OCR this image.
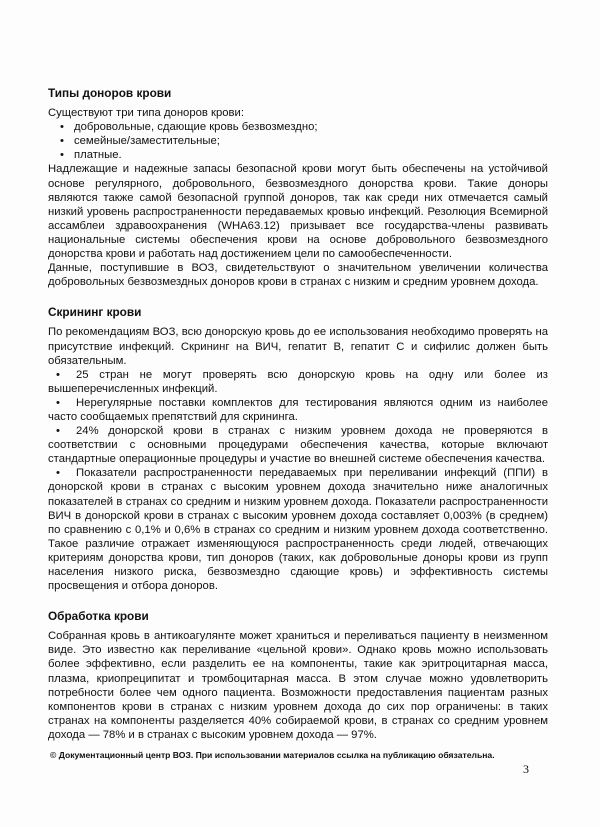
Типы доноров крови

Существуют три типа доноров крови:

• добровольные, сдающие кровь безвозмездно;
• семейные/заместительные;
• платные.

Надлежащие и надежные запасы безопасной крови могут быть обеспечены на устойчивой основе регулярного, добровольного, безвозмездного донорства крови. Такие доноры являются также самой безопасной группой доноров, так как среди них отмечается самый низкий уровень распространенности передаваемых кровью инфекций. Резолюция Всемирной ассамблеи здравоохранения (WHA63.12) призывает все государства-члены развивать национальные системы обеспечения крови на основе добровольного безвозмездного донорства крови и работать над достижением цели по самообеспеченности.

Данные, поступившие в ВОЗ, свидетельствуют о значительном увеличении количества добровольных безвозмездных доноров крови в странах с низким и средним уровнем дохода.

Скрининг крови

По рекомендациям ВОЗ, всю донорскую кровь до ее использования необходимо проверять на присутствие инфекций. Скрининг на ВИЧ, гепатит В, гепатит С и сифилис должен быть обязательным.

• 25 стран не могут проверять всю донорскую кровь на одну или более из вышеперечисленных инфекций.

• Нерегулярные поставки комплектов для тестирования являются одним из наиболее часто сообщаемых препятствий для скрининга.

• 24% донорской крови в странах с низким уровнем дохода не проверяются в соответствии с основными процедурами обеспечения качества, которые включают стандартные операционные процедуры и участие во внешней системе обеспечения качества.

• Показатели распространенности передаваемых при переливании инфекций (ППИ) в донорской крови в странах с высоким уровнем дохода значительно ниже аналогичных показателей в странах со средним и низким уровнем дохода. Показатели распространенности ВИЧ в донорской крови в странах с высоким уровнем дохода составляет 0,003% (в среднем) по сравнению с 0,1% и 0,6% в странах со средним и низким уровнем дохода соответственно. Такое различие отражает изменяющуюся распространенность среди людей, отвечающих критериям донорства крови, тип доноров (таких, как добровольные доноры крови из групп населения низкого риска, безвозмездно сдающие кровь) и эффективность системы просвещения и отбора доноров.

Обработка крови

Собранная кровь в антикоагулянте может храниться и переливаться пациенту в неизменном виде. Это известно как переливание «цельной крови». Однако кровь можно использовать более эффективно, если разделить ее на компоненты, такие как эритроцитарная масса, плазма, криопреципитат и тромбоцитарная масса. В этом случае можно удовлетворить потребности более чем одного пациента. Возможности предоставления пациентам разных компонентов крови в странах с низким уровнем дохода до сих пор ограничены: в таких странах на компоненты разделяется 40% собираемой крови, в странах со средним уровнем дохода — 78% и в странах с высоким уровнем дохода — 97%.

© Документационный центр ВОЗ. При использовании материалов ссылка на публикацию обязательна.
3
